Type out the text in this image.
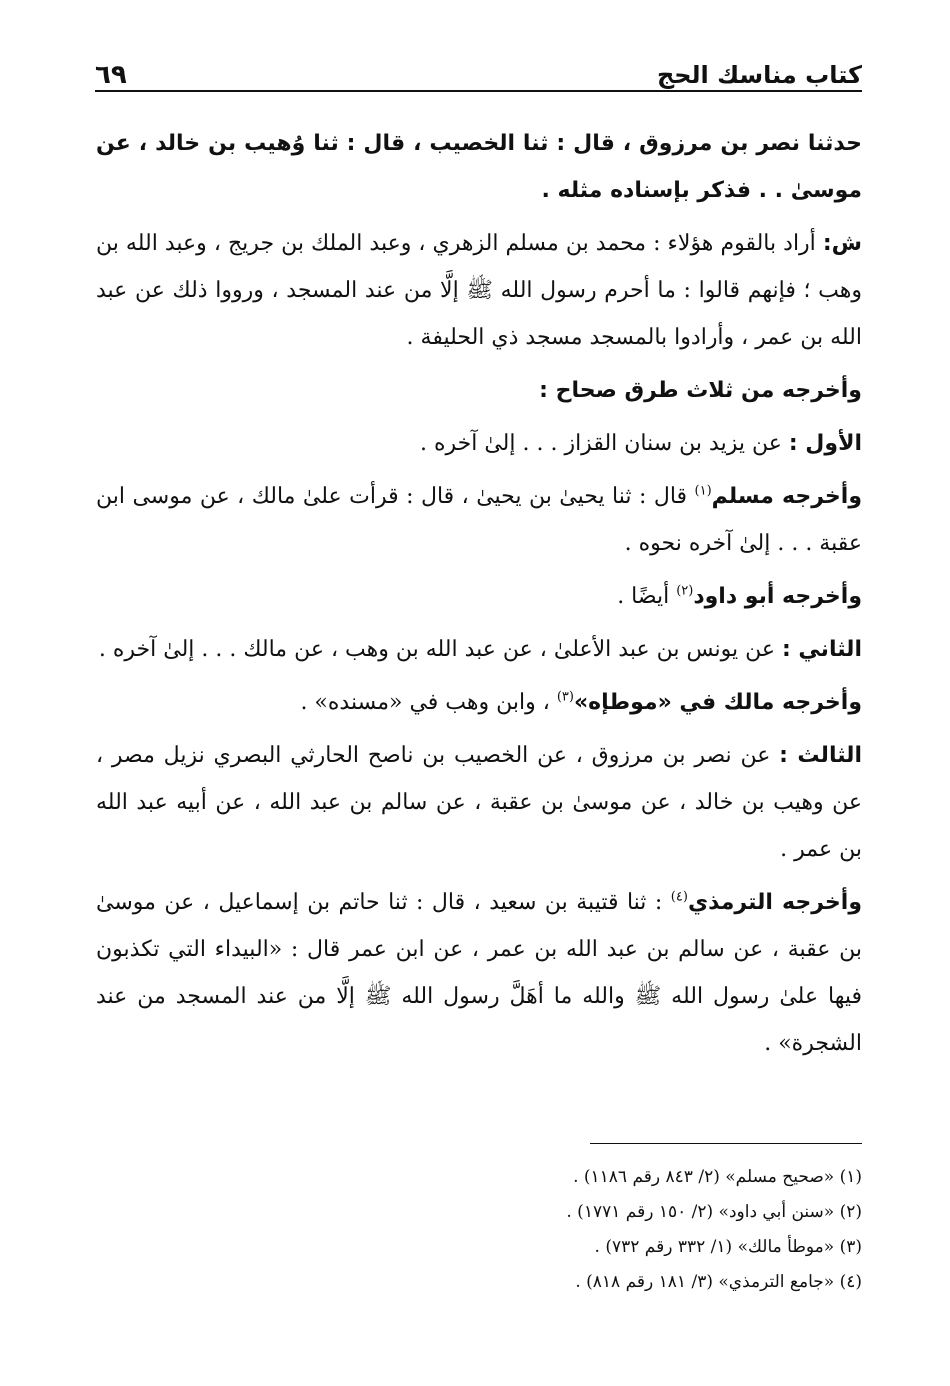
كتاب مناسك الحج
٦٩

حدثنا نصر بن مرزوق ، قال : ثنا الخصيب ، قال : ثنا وُهيب بن خالد ، عن موسىٰ . . فذكر بإسناده مثله .

ش: أراد بالقوم هؤلاء : محمد بن مسلم الزهري ، وعبد الملك بن جريج ، وعبد الله بن وهب ؛ فإنهم قالوا : ما أحرم رسول الله ﷺ إلَّا من عند المسجد ، ورووا ذلك عن عبد الله بن عمر ، وأرادوا بالمسجد مسجد ذي الحليفة .

وأخرجه من ثلاث طرق صحاح :

الأول : عن يزيد بن سنان القزاز . . . إلىٰ آخره .

وأخرجه مسلم$^{(١)}$ قال : ثنا يحيىٰ بن يحيىٰ ، قال : قرأت علىٰ مالك ، عن موسى ابن عقبة . . . إلىٰ آخره نحوه .

وأخرجه أبو داود$^{(٢)}$ أيضًا .

الثاني : عن يونس بن عبد الأعلىٰ ، عن عبد الله بن وهب ، عن مالك . . . إلىٰ آخره .

وأخرجه مالك في «موطإه»$^{(٣)}$ ، وابن وهب في «مسنده» .

الثالث : عن نصر بن مرزوق ، عن الخصيب بن ناصح الحارثي البصري نزيل مصر ، عن وهيب بن خالد ، عن موسىٰ بن عقبة ، عن سالم بن عبد الله ، عن أبيه عبد الله بن عمر .

وأخرجه الترمذي$^{(٤)}$ : ثنا قتيبة بن سعيد ، قال : ثنا حاتم بن إسماعيل ، عن موسىٰ بن عقبة ، عن سالم بن عبد الله بن عمر ، عن ابن عمر قال : «البيداء التي تكذبون فيها علىٰ رسول الله ﷺ والله ما أهَلَّ رسول الله ﷺ إلَّا من عند المسجد من عند الشجرة» .

(١) «صحيح مسلم» (٢/ ٨٤٣ رقم ١١٨٦) .

(٢) «سنن أبي داود» (٢/ ١٥٠ رقم ١٧٧١) .

(٣) «موطأ مالك» (١/ ٣٣٢ رقم ٧٣٢) .

(٤) «جامع الترمذي» (٣/ ١٨١ رقم ٨١٨) .
